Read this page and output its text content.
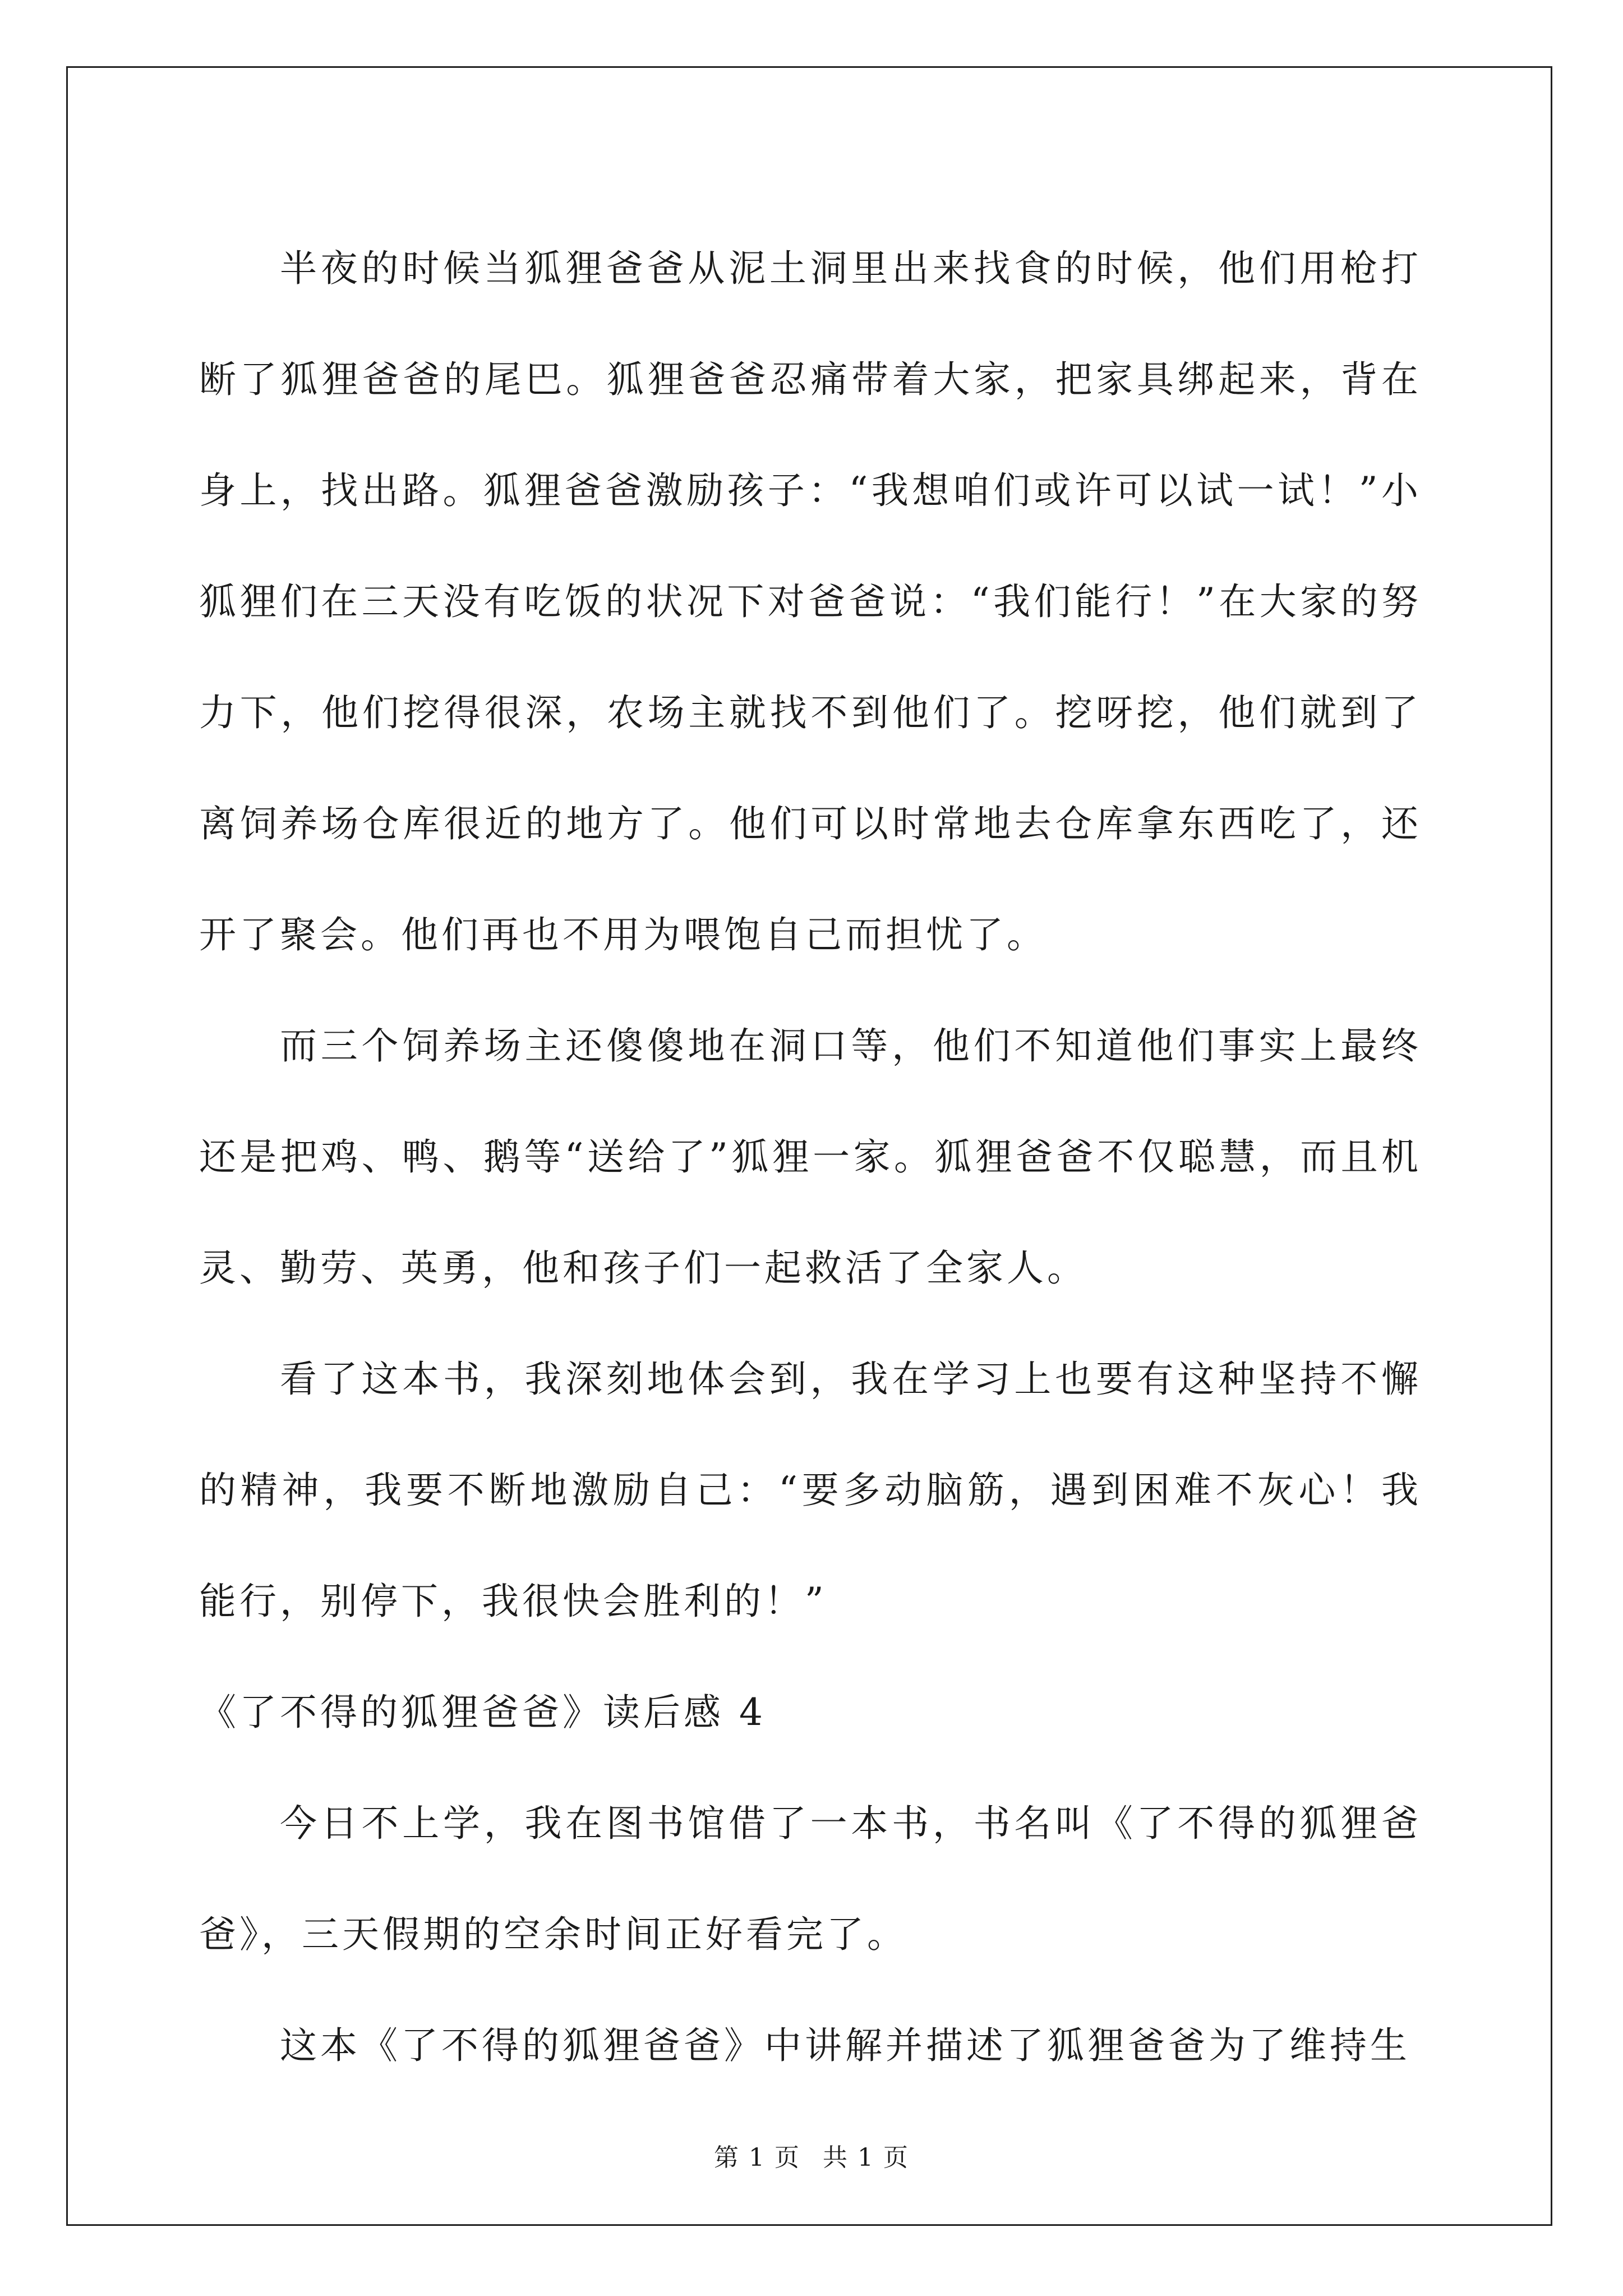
半夜的时候当狐狸爸爸从泥土洞里出来找食的时候，他们用枪打断了狐狸爸爸的尾巴。狐狸爸爸忍痛带着大家，把家具绑起来，背在身上，找出路。狐狸爸爸激励孩子：“我想咱们或许可以试一试！”小狐狸们在三天没有吃饭的状况下对爸爸说：“我们能行！”在大家的努力下，他们挖得很深，农场主就找不到他们了。挖呀挖，他们就到了离饲养场仓库很近的地方了。他们可以时常地去仓库拿东西吃了，还开了聚会。他们再也不用为喂饱自己而担忧了。

而三个饲养场主还傻傻地在洞口等，他们不知道他们事实上最终还是把鸡、鸭、鹅等“送给了”狐狸一家。狐狸爸爸不仅聪慧，而且机灵、勤劳、英勇，他和孩子们一起救活了全家人。

看了这本书，我深刻地体会到，我在学习上也要有这种坚持不懈的精神，我要不断地激励自己：“要多动脑筋，遇到困难不灰心！我能行，别停下，我很快会胜利的！”

《了不得的狐狸爸爸》读后感 4

今日不上学，我在图书馆借了一本书，书名叫《了不得的狐狸爸爸》，三天假期的空余时间正好看完了。

这本《了不得的狐狸爸爸》中讲解并描述了狐狸爸爸为了维持生

第 1 页 共 1 页
